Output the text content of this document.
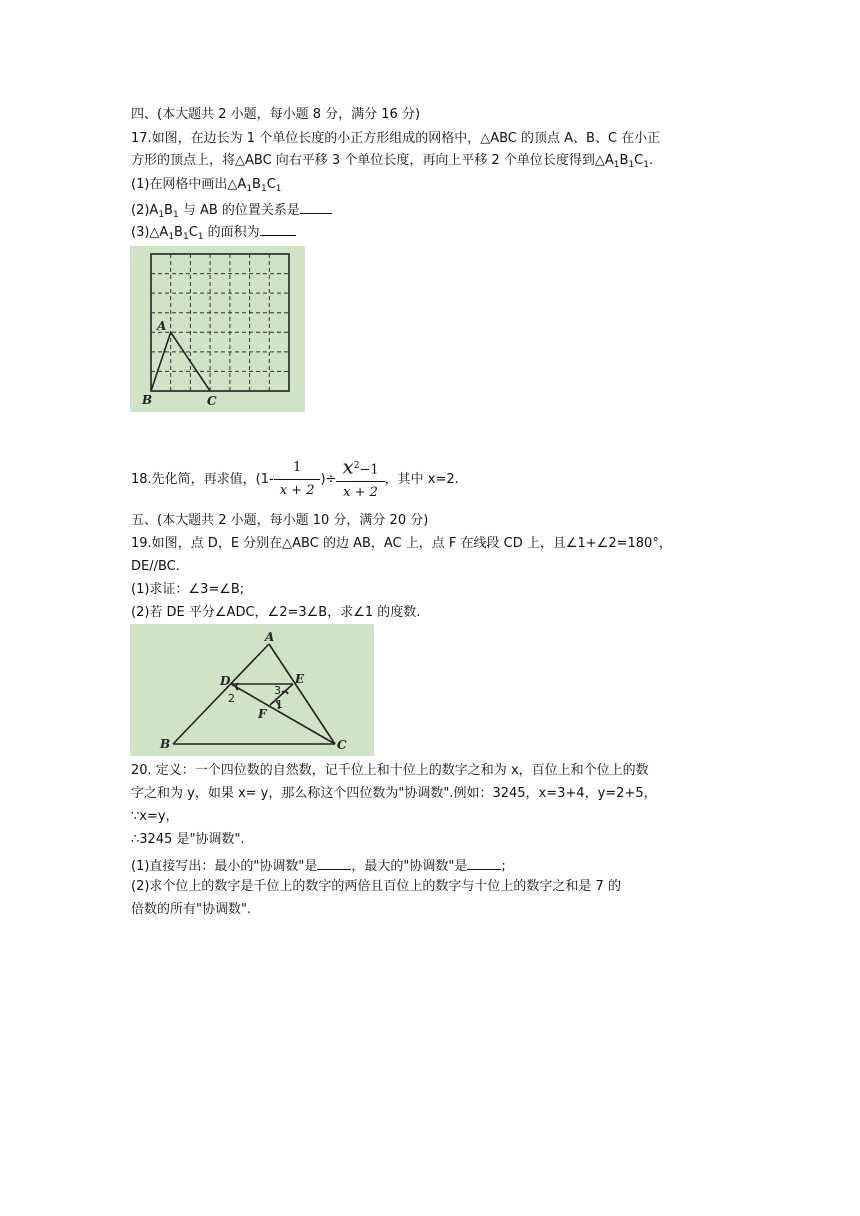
四、(本大题共 2 小题，每小题 8 分，满分 16 分)
17.如图，在边长为 1 个单位长度的小正方形组成的网格中，△ABC 的顶点 A、B、C 在小正
方形的顶点上，将△ABC 向右平移 3 个单位长度，再向上平移 2 个单位长度得到$\triangle A_1B_1C_1$.
(1)在网格中画出$\triangle A_1B_1C_1$
$(2)A_1B_1$ 与 AB 的位置关系是
$(3)\triangle A_1B_1C_1$ 的面积为
A
B	C
18.先化简，再求值，($1- \frac{1}{x + 2}$ )÷ $\frac{x^2-1}{x + 2}$ ，其中 x=2.
五、(本大题共 2 小题，每小题 10 分，满分 20 分)
19.如图，点 D，E 分别在△ABC 的边 AB，AC 上，点 F 在线段 CD 上，且∠1+∠2=180°，
DE//BC.
(1)求证：∠3=∠B;
(2)若 DE 平分∠ADC，∠2=3∠B，求∠1 的度数.
A
B	C
D	E
F
1
2
3
20. 定义：一个四位数的自然数，记千位上和十位上的数字之和为 x，百位上和个位上的数
字之和为 y，如果 x= y，那么称这个四位数为"协调数".例如：3245，x=3+4，y=2+5，
∵x=y，
∴3245 是"协调数".
(1)直接写出：最小的"协调数"是	，最大的"协调数"是	;
(2)求个位上的数字是千位上的数字的两倍且百位上的数字与十位上的数字之和是 7 的
倍数的所有"协调数".
